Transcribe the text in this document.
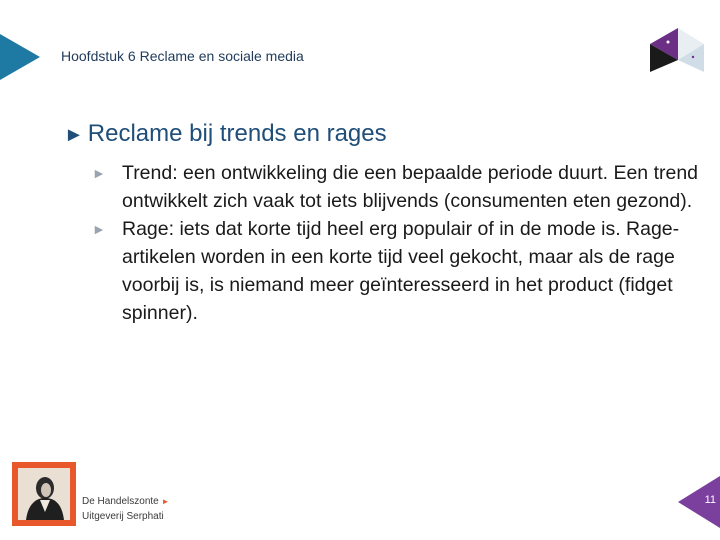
Hoofdstuk 6 Reclame en sociale media
► Reclame bij trends en rages
► Trend: een ontwikkeling die een bepaalde periode duurt. Een trend ontwikkelt zich vaak tot iets blijvends (consumenten eten gezond).
► Rage: iets dat korte tijd heel erg populair of in de mode is. Rage-artikelen worden in een korte tijd veel gekocht, maar als de rage voorbij is, is niemand meer geïnteresseerd in het product (fidget spinner).
De Handelszonte ►
Uitgeverij Serphati
11
